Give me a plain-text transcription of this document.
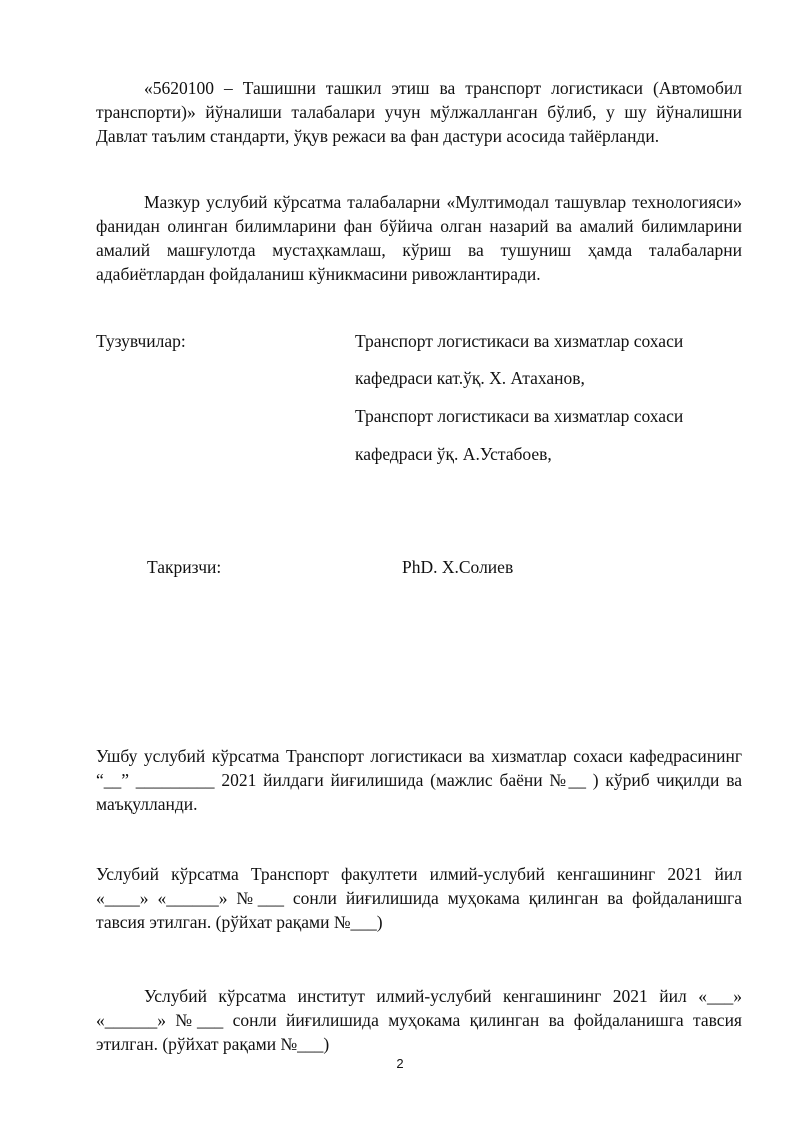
«5620100 – Ташишни ташкил этиш ва транспорт логистикаси (Автомобил транспорти)» йўналиши талабалари учун мўлжалланган бўлиб, у шу йўналишни Давлат таълим стандарти, ўқув режаси ва фан дастури асосида тайёрланди.

Мазкур услубий кўрсатма талабаларни «Мултимодал ташувлар технологияси» фанидан олинган билимларини фан бўйича олган назарий ва амалий билимларини амалий машғулотда мустаҳкамлаш, кўриш ва тушуниш ҳамда талабаларни адабиётлардан фойдаланиш кўникмасини ривожлантиради.

Тузувчилар:	Транспорт логистикаси ва хизматлар сохаси
кафедраси кат.ўқ. Х. Атаханов,
Транспорт логистикаси ва хизматлар сохаси
кафедраси ўқ. А.Устабоев,
Такризчи:	PhD. Х.Солиев

Ушбу услубий кўрсатма Транспорт логистикаси ва хизматлар сохаси кафедрасининг “__” _________ 2021 йилдаги йиғилишида (мажлис баёни №__ ) кўриб чиқилди ва маъқулланди.

Услубий кўрсатма Транспорт факултети илмий-услубий кенгашининг 2021 йил «____» «______» №___ сонли йиғилишида муҳокама қилинган ва фойдаланишга тавсия этилган. (рўйхат рақами №___)

Услубий кўрсатма институт илмий-услубий кенгашининг 2021 йил «___» «______» №___ сонли йиғилишида муҳокама қилинган ва фойдаланишга тавсия этилган. (рўйхат рақами №___)

2
